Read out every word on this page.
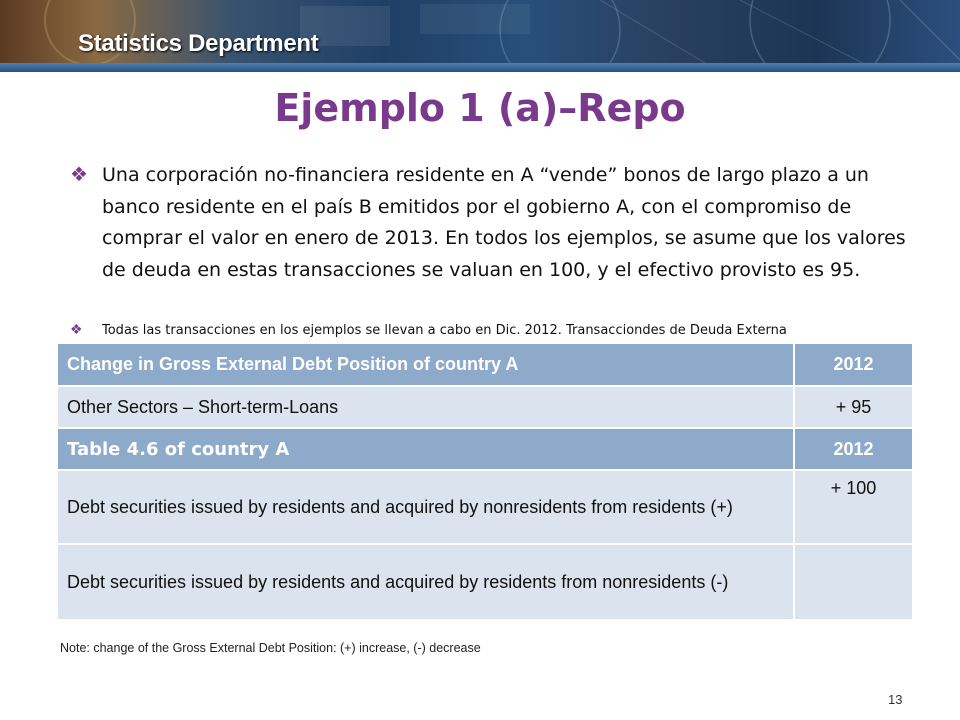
Statistics Department
Ejemplo 1 (a)–Repo
❖ Una corporación no-financiera residente en A “vende” bonos de largo plazo a un banco residente en el país B emitidos por el gobierno A, con el compromiso de comprar el valor en enero de 2013. En todos los ejemplos, se asume que los valores de deuda en estas transacciones se valuan en 100, y el efectivo provisto es 95.
❖ Todas las transacciones en los ejemplos se llevan a cabo en Dic. 2012. Transacciondes de Deuda Externa
Change in Gross External Debt Position of country A	2012
Other Sectors – Short-term-Loans	+ 95
Table 4.6 of country A	2012
Debt securities issued by residents and acquired by nonresidents from residents (+)	+ 100
Debt securities issued by residents and acquired by residents from nonresidents (-)	
Note: change of the Gross External Debt Position: (+) increase, (-) decrease
13
